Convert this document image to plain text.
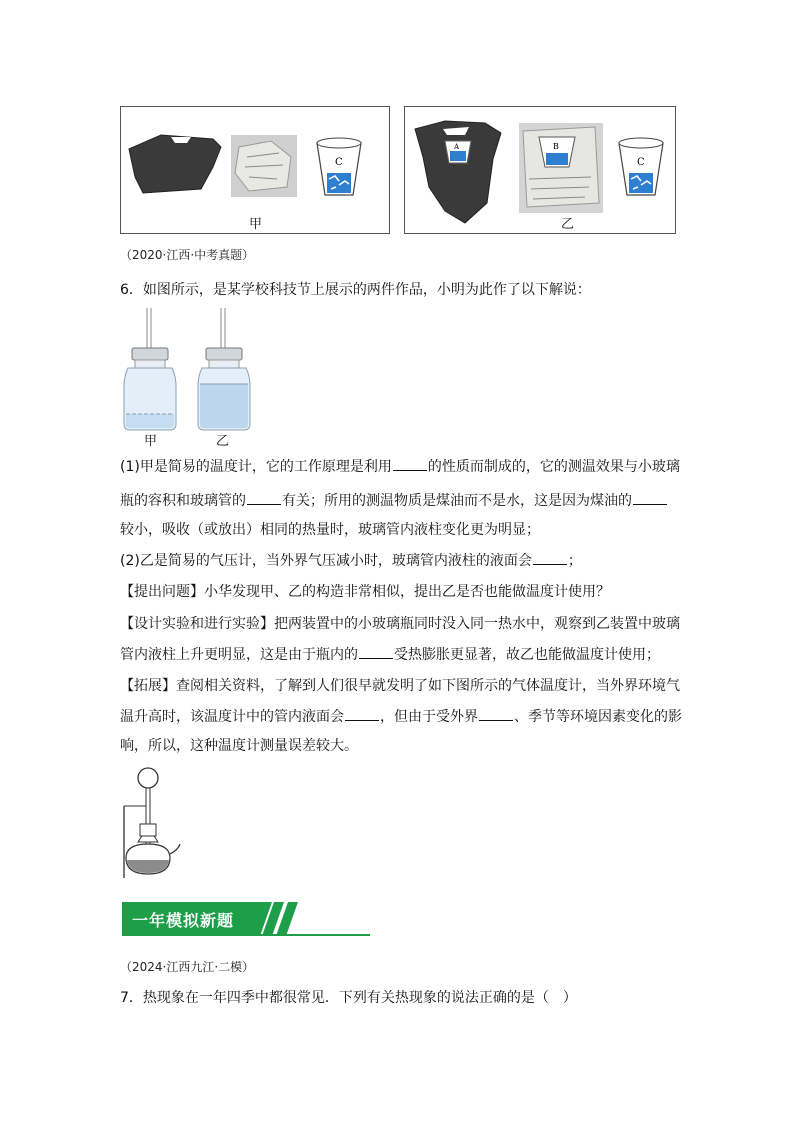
C
甲
A	B
C
乙
（2020·江西·中考真题）
6．如图所示，是某学校科技节上展示的两件作品，小明为此作了以下解说：
甲	乙
(1)甲是简易的温度计，它的工作原理是利用	的性质而制成的，它的测温效果与小玻璃
瓶的容积和玻璃管的	有关；所用的测温物质是煤油而不是水，这是因为煤油的
较小，吸收（或放出）相同的热量时，玻璃管内液柱变化更为明显；
(2)乙是简易的气压计，当外界气压减小时，玻璃管内液柱的液面会	；
【提出问题】小华发现甲、乙的构造非常相似，提出乙是否也能做温度计使用？
【设计实验和进行实验】把两装置中的小玻璃瓶同时没入同一热水中，观察到乙装置中玻璃
管内液柱上升更明显，这是由于瓶内的	受热膨胀更显著，故乙也能做温度计使用；
【拓展】查阅相关资料，了解到人们很早就发明了如下图所示的气体温度计，当外界环境气
温升高时，该温度计中的管内液面会	，但由于受外界	、季节等环境因素变化的影
响，所以，这种温度计测量误差较大。
一年模拟新题
（2024·江西九江·二模）
7．热现象在一年四季中都很常见．下列有关热现象的说法正确的是（　）
